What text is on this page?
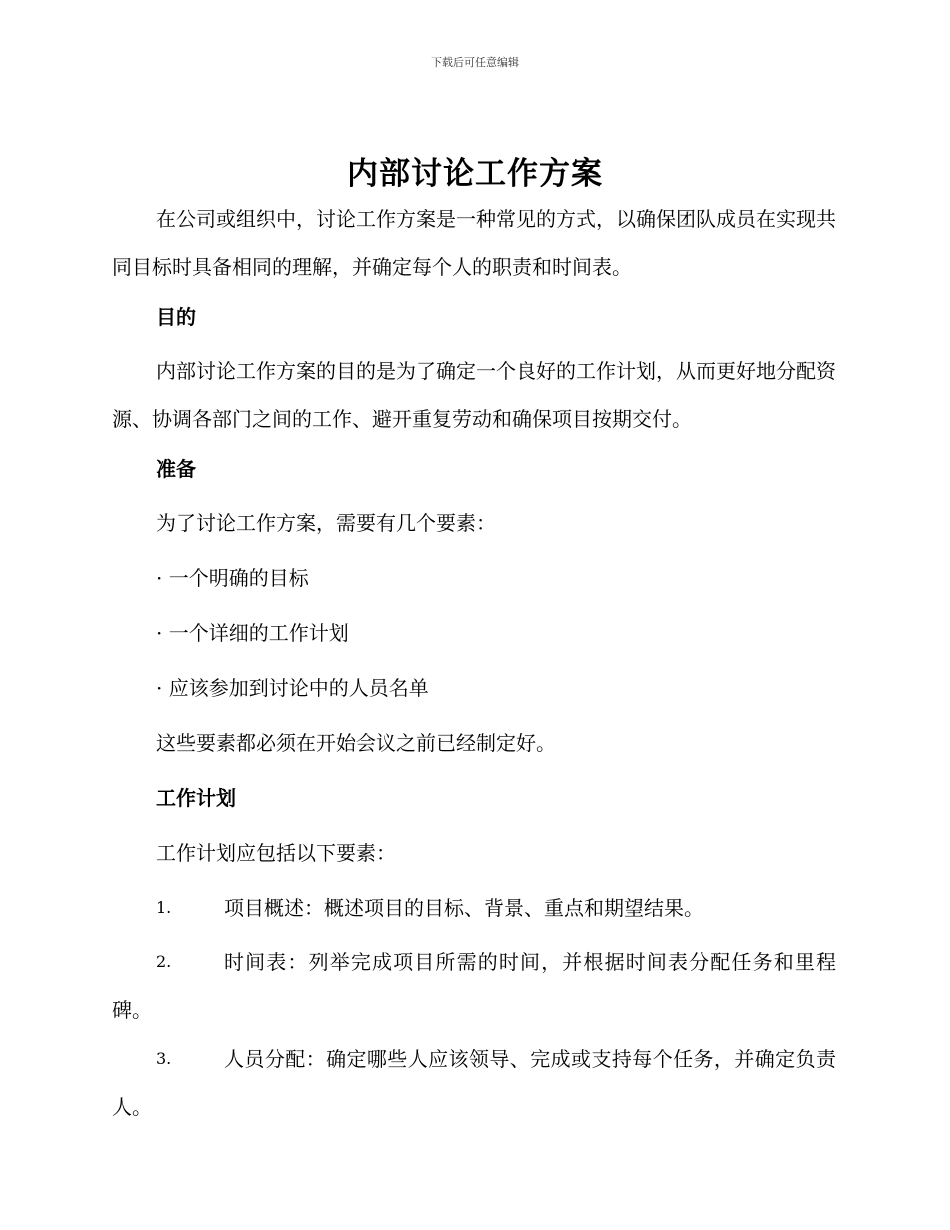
下载后可任意编辑
内部讨论工作方案
在公司或组织中，讨论工作方案是一种常见的方式，以确保团队成员在实现共同目标时具备相同的理解，并确定每个人的职责和时间表。
目的
内部讨论工作方案的目的是为了确定一个良好的工作计划，从而更好地分配资源、协调各部门之间的工作、避开重复劳动和确保项目按期交付。
准备
为了讨论工作方案，需要有几个要素：
· 一个明确的目标
· 一个详细的工作计划
· 应该参加到讨论中的人员名单
这些要素都必须在开始会议之前已经制定好。
工作计划
工作计划应包括以下要素：
1.	项目概述：概述项目的目标、背景、重点和期望结果。
2.	时间表：列举完成项目所需的时间，并根据时间表分配任务和里程碑。
3.	人员分配：确定哪些人应该领导、完成或支持每个任务，并确定负责人。
